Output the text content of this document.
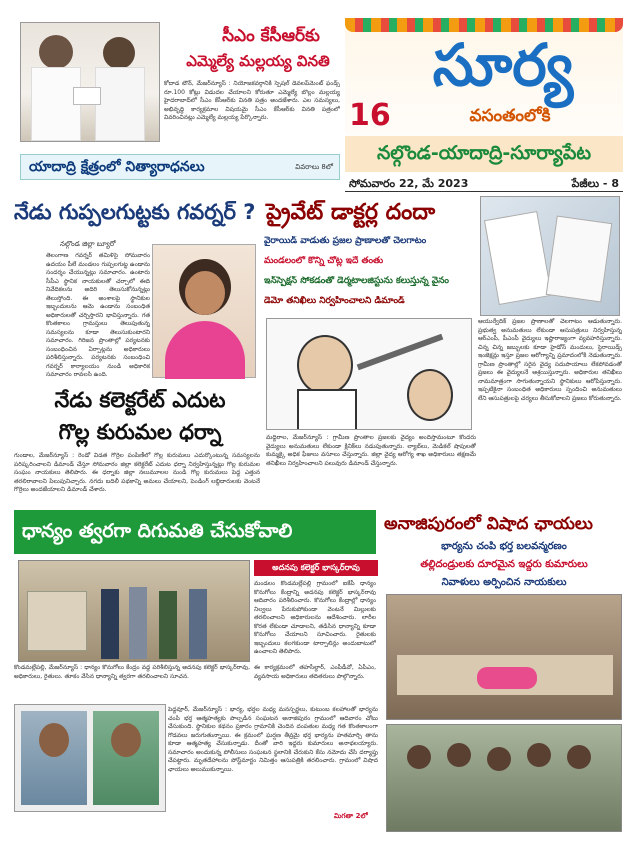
సీఎం కేసీఆర్‌కు
ఎమ్మెల్యే మల్లయ్య వినతి
కోదాడ టౌన్, మేజర్‌న్యూస్ : నియోజకవర్గానికి స్పెషల్ డెవలప్‌మెంట్ ఫండ్స్ రూ.100 కోట్లు విడుదల చేయాలని కోరుతూ ఎమ్మెల్యే బొల్లం మల్లయ్య హైదరాబాద్‌లో సీఎం కేసీఆర్‌కు వినతి పత్రం అందజేశారు. ఎల సమస్యలు, అభివృద్ధి కార్యక్రమాల విషయమై సీఎం కేసీఆర్‌కు వినతి పత్రంలో వివరించినట్లు ఎమ్మెల్యే మల్లయ్య పేర్కొన్నారు.
యాదాద్రి క్షేత్రంలో నిత్యారాధనలు	వివరాలు 8లో
సూర్య
16	వసంతంలోకి
నల్గొండ-యాదాద్రి-సూర్యాపేట
సోమవారం 22, మే 2023	పేజీలు - 8
నేడు గుప్పలగుట్టకు గవర్నర్ ?
నల్గొండ జిల్లా బ్యూరో
తెలంగాణ గవర్నర్ తమిళిసై సోమవారం ఉదయం పీలే మండలం గుప్పలగుట్ట ఉండాను సందర్శం చేయున్నట్లు సమాచారం. ఉంటారు సీపీఎ స్థానిక నాయకులతో చర్చాలో ఈది నివేదికలను అదిరి తెలుసుకోనున్నట్లు తెలుస్తోంది. ఈ అంశాలపై స్థానికుల ఇబ్బందులను ఆమె ఉండాను సంబంధిత అధికారులతో చర్చిస్తారని భావిస్తున్నారు. గత కొంతకాలం గ్రామస్తులు తెలుపుతున్న సమస్యలను కూడా తెలుసుకుంటారని సమాచారం. గిరిజన ప్రాంతాల్లో పర్యటనకు సంబంధించిన ఏర్పాట్లను అధికారులు పరిశీలిస్తున్నారు. పర్యటనకు సంబంధించి గవర్నర్ కార్యాలయం నుండి అధికారిక సమాచారం రావలసి ఉంది.
నేడు కలెక్టరేట్ ఎదుట
గొల్ల కురుమల ధర్నా
గుండాల, మేజర్‌న్యూస్ : రెండో విడత గొర్రెల పంపిణీలో గొల్ల కురుమలు ఎదుర్కొంటున్న సమస్యలను పరిష్కరించాలని డిమాండ్ చేస్తూ సోమవారం జిల్లా కలెక్టరేట్ ఎదుట ధర్నా నిర్వహిస్తున్నట్లు గొల్ల కురుమల సంఘం నాయకులు తెలిపారు. ఈ ధర్నాకు జిల్లా నలుమూలల నుండి గొల్ల కురుమలు పెద్ద ఎత్తున తరలిరావాలని పిలుపునిచ్చారు. నగదు బదిలీ పథకాన్ని అమలు చేయాలని, పెండింగ్ లబ్దిదారులకు వెంటనే గొర్రెలు అందజేయాలని డిమాండ్ చేశారు.
ప్రైవేట్ డాక్టర్ల దందా
వైరాయిడ్ వాడుతు ప్రజల ప్రాణాలతో చెలగాటం
మండలంలో కొన్ని చోట్ల ఇదే తంతు
ఇన్‌స్పెక్షన్ సోకడంతో డెర్మటాలజిస్టును కలుస్తున్న వైనం
డెమో తనిఖీలు నిర్వహించాలని డిమాండ్
ఆయుర్వేదిక్ ప్రజల ప్రాణాలతో చెలగాటం ఆడుతున్నారు. ప్రభుత్వ అనుమతులు లేకుండా ఆసుపత్రులు నిర్వహిస్తున్న ఆర్ఎంపీ, పీఎంపీ వైద్యులు ఇష్టారాజ్యంగా వ్యవహరిస్తున్నారు. చిన్న చిన్న జబ్బులకు కూడా హైడోస్ మందులు, స్టెరాయిడ్స్ ఇంజెక్షన్లు ఇస్తూ ప్రజల ఆరోగ్యాన్ని ప్రమాదంలోకి నెడుతున్నారు. గ్రామీణ ప్రాంతాల్లో సరైన వైద్య సదుపాయాలు లేకపోవడంతో ప్రజలు ఈ వైద్యులనే ఆశ్రయిస్తున్నారు. అధికారుల తనిఖీలు నామమాత్రంగా సాగుతున్నాయని స్థానికులు ఆరోపిస్తున్నారు. ఇప్పటికైనా సంబంధిత అధికారులు స్పందించి అనుమతులు లేని ఆసుపత్రులపై చర్యలు తీసుకోవాలని ప్రజలు కోరుతున్నారు.
మద్దిరాల, మేజర్‌న్యూస్ : గ్రామీణ ప్రాంతాల ప్రజలకు వైద్యం అందిస్తామంటూ కొందరు వైద్యులు అనుమతులు లేకుండా క్లినిక్‌లు నడుపుతున్నారు. ల్యాబ్‌లు, మెడికల్ షాపులతో కుమ్మక్కై అధిక ఫీజులు వసూలు చేస్తున్నారు. జిల్లా వైద్య ఆరోగ్య శాఖ అధికారులు తక్షణమే తనిఖీలు నిర్వహించాలని పలువురు డిమాండ్ చేస్తున్నారు.
ధాన్యం త్వరగా దిగుమతి చేసుకోవాలి
అదనపు కలెక్టర్ భాస్కర్‌రావు
మండలం కొండమల్లేపల్లి గ్రామంలో ఐకేపీ ధాన్యం కొనుగోలు కేంద్రాన్ని అదనపు కలెక్టర్ భాస్కర్‌రావు ఆదివారం పరిశీలించారు. కొనుగోలు కేంద్రాల్లో ధాన్యం నిల్వలు పేరుకుపోకుండా వెంటనే మిల్లులకు తరలించాలని అధికారులను ఆదేశించారు. లారీల కొరత లేకుండా చూడాలని, తడిసిన ధాన్యాన్ని కూడా కొనుగోలు చేయాలని సూచించారు. రైతులకు ఇబ్బందులు కలగకుండా టార్పాలిన్లు అందుబాటులో ఉంచాలని తెలిపారు.
కొండమల్లేపల్లి, మేజర్‌న్యూస్ : ధాన్యం కొనుగోలు కేంద్రం వద్ద పరిశీలిస్తున్న అదనపు కలెక్టర్ భాస్కర్‌రావు, అధికారులు, రైతులు. తూకం వేసిన ధాన్యాన్ని త్వరగా తరలించాలని సూచన.
ఈ కార్యక్రమంలో తహసీల్దార్, ఎంపీడీవో, ఏపీఎం, వ్యవసాయ అధికారులు తదితరులు పాల్గొన్నారు.
పెద్దవూర్, మేజర్‌న్యూస్ : భార్య, భర్తల మధ్య మనస్పర్థలు, కుటుంబ కలహాలతో భార్యను చంపి భర్త ఆత్మహత్యకు పాల్పడిన సంఘటన అనాజిపురం గ్రామంలో ఆదివారం చోటు చేసుకుంది. స్థానికుల కథనం ప్రకారం గ్రామానికి చెందిన దంపతుల మధ్య గత కొంతకాలంగా గొడవలు జరుగుతున్నాయి. ఈ క్రమంలో ఘర్షణ తీవ్రమై భర్త భార్యను హతమార్చి తాను కూడా ఆత్మహత్య చేసుకున్నాడు. దీంతో వారి ఇద్దరు కుమారులు అనాథలయ్యారు. సమాచారం అందుకున్న పోలీసులు సంఘటన స్థలానికి చేరుకుని కేసు నమోదు చేసి దర్యాప్తు చేపట్టారు. మృతదేహాలను పోస్ట్‌మార్టం నిమిత్తం ఆసుపత్రికి తరలించారు. గ్రామంలో విషాద ఛాయలు అలుముకున్నాయి.
మిగతా 2లో
అనాజిపురంలో విషాద ఛాయలు
భార్యను చంపి భర్త బలవన్మరణం
తల్లిదండ్రులకు దూరమైన ఇద్దరు కుమారులు
నివాళులు అర్పించిన నాయకులు
